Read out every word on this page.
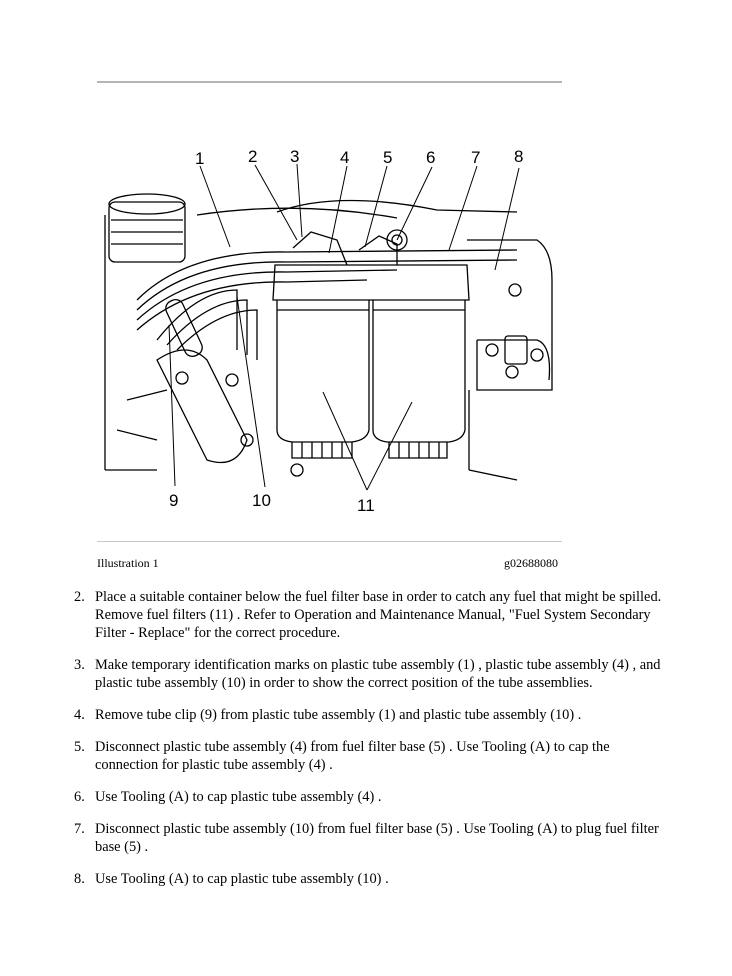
1	2 3 4 5 6 7 8
9	10	11
Illustration 1	g02688080
2. Place a suitable container below the fuel filter base in order to catch any fuel that might be spilled. Remove fuel filters (11) . Refer to Operation and Maintenance Manual, "Fuel System Secondary Filter - Replace" for the correct procedure.
3. Make temporary identification marks on plastic tube assembly (1) , plastic tube assembly (4) , and plastic tube assembly (10) in order to show the correct position of the tube assemblies.
4. Remove tube clip (9) from plastic tube assembly (1) and plastic tube assembly (10) .
5. Disconnect plastic tube assembly (4) from fuel filter base (5) . Use Tooling (A) to cap the connection for plastic tube assembly (4) .
6. Use Tooling (A) to cap plastic tube assembly (4) .
7. Disconnect plastic tube assembly (10) from fuel filter base (5) . Use Tooling (A) to plug fuel filter base (5) .
8. Use Tooling (A) to cap plastic tube assembly (10) .
